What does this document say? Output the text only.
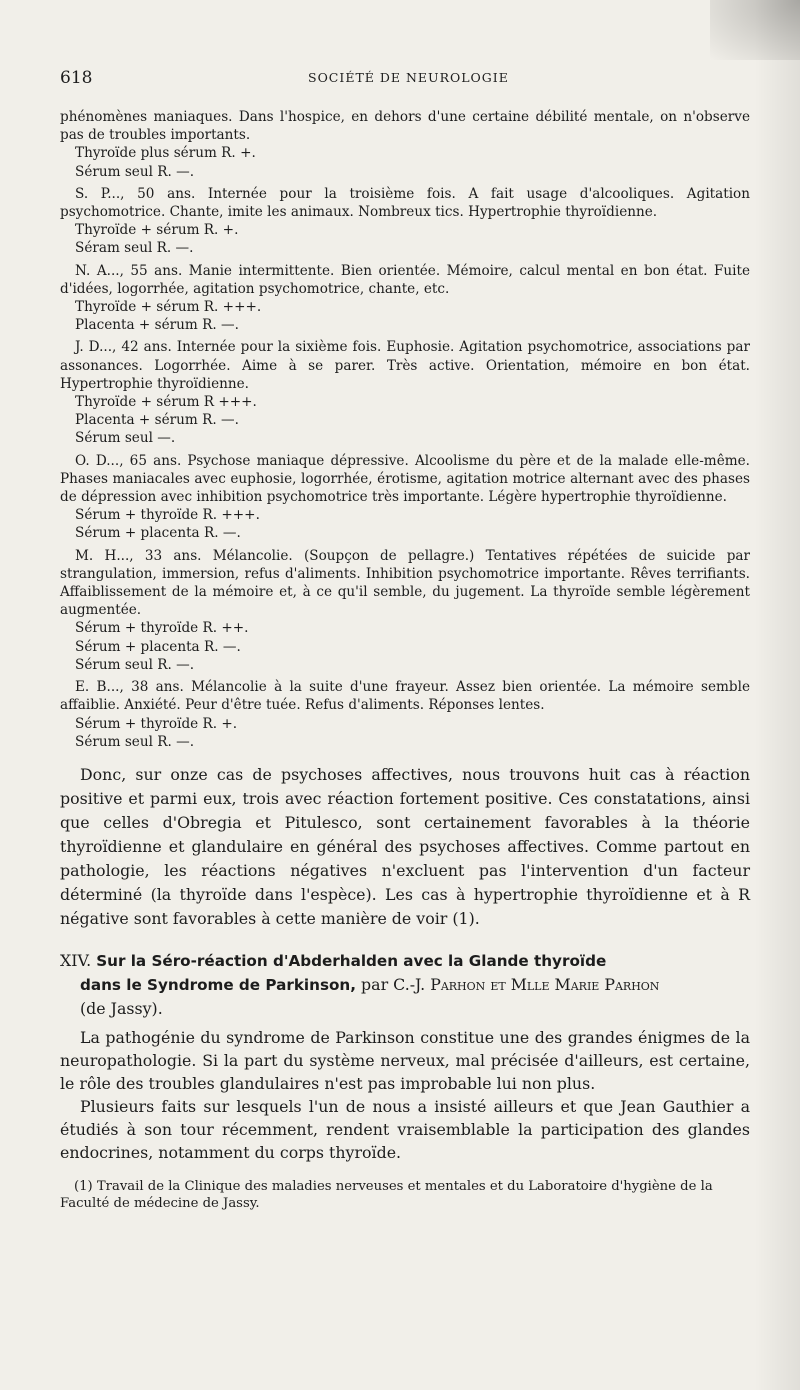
618	SOCIÉTÉ DE NEUROLOGIE

phénomènes maniaques. Dans l'hospice, en dehors d'une certaine débilité mentale, on n'observe pas de troubles importants.

Thyroïde plus sérum R. +.

Sérum seul R. —.

S. P..., 50 ans. Internée pour la troisième fois. A fait usage d'alcooliques. Agitation psychomotrice. Chante, imite les animaux. Nombreux tics. Hypertrophie thyroïdienne.

Thyroïde + sérum R. +.

Séram seul R. —.

N. A..., 55 ans. Manie intermittente. Bien orientée. Mémoire, calcul mental en bon état. Fuite d'idées, logorrhée, agitation psychomotrice, chante, etc.

Thyroïde + sérum R. +++.

Placenta + sérum R. —.

J. D..., 42 ans. Internée pour la sixième fois. Euphosie. Agitation psychomotrice, associations par assonances. Logorrhée. Aime à se parer. Très active. Orientation, mémoire en bon état. Hypertrophie thyroïdienne.

Thyroïde + sérum R +++.

Placenta + sérum R. —.

Sérum seul —.

O. D..., 65 ans. Psychose maniaque dépressive. Alcoolisme du père et de la malade elle-même. Phases maniacales avec euphosie, logorrhée, érotisme, agitation motrice alternant avec des phases de dépression avec inhibition psychomotrice très importante. Légère hypertrophie thyroïdienne.

Sérum + thyroïde R. +++.

Sérum + placenta R. —.

M. H..., 33 ans. Mélancolie. (Soupçon de pellagre.) Tentatives répétées de suicide par strangulation, immersion, refus d'aliments. Inhibition psychomotrice importante. Rêves terrifiants. Affaiblissement de la mémoire et, à ce qu'il semble, du jugement. La thyroïde semble légèrement augmentée.

Sérum + thyroïde R. ++.

Sérum + placenta R. —.

Sérum seul R. —.

E. B..., 38 ans. Mélancolie à la suite d'une frayeur. Assez bien orientée. La mémoire semble affaiblie. Anxiété. Peur d'être tuée. Refus d'aliments. Réponses lentes.

Sérum + thyroïde R. +.

Sérum seul R. —.

Donc, sur onze cas de psychoses affectives, nous trouvons huit cas à réaction positive et parmi eux, trois avec réaction fortement positive. Ces constatations, ainsi que celles d'Obregia et Pitulesco, sont certainement favorables à la théorie thyroïdienne et glandulaire en général des psychoses affectives. Comme partout en pathologie, les réactions négatives n'excluent pas l'intervention d'un facteur déterminé (la thyroïde dans l'espèce). Les cas à hypertrophie thyroïdienne et à R négative sont favorables à cette manière de voir (1).

XIV. Sur la Séro-réaction d'Abderhalden avec la Glande thyroïde
dans le Syndrome de Parkinson, par C.-J. Parhon et Mlle Marie Parhon
(de Jassy).

La pathogénie du syndrome de Parkinson constitue une des grandes énigmes de la neuropathologie. Si la part du système nerveux, mal précisée d'ailleurs, est certaine, le rôle des troubles glandulaires n'est pas improbable lui non plus.

Plusieurs faits sur lesquels l'un de nous a insisté ailleurs et que Jean Gauthier a étudiés à son tour récemment, rendent vraisemblable la participation des glandes endocrines, notamment du corps thyroïde.

(1) Travail de la Clinique des maladies nerveuses et mentales et du Laboratoire d'hygiène de la Faculté de médecine de Jassy.
